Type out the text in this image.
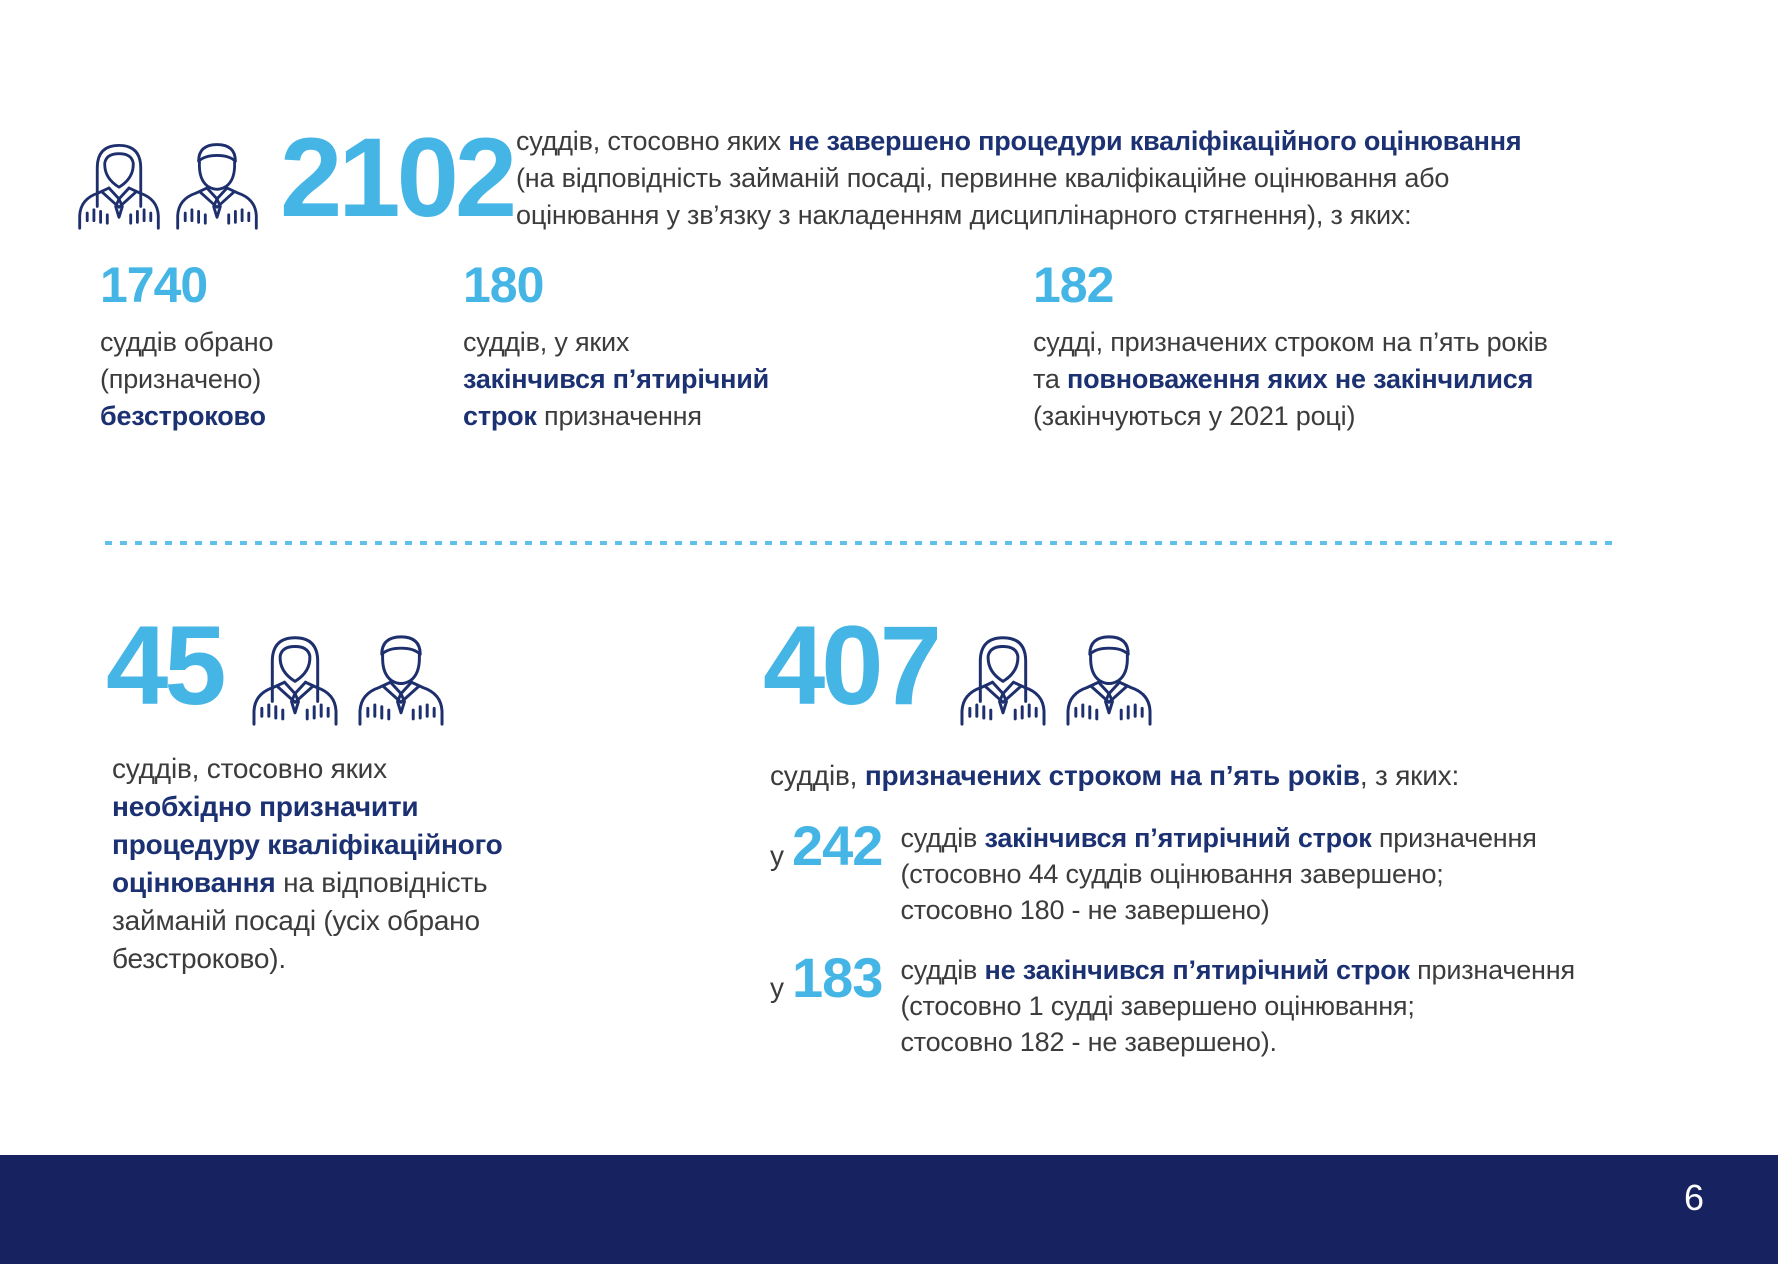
2102 суддів, стосовно яких не завершено процедури кваліфікаційного оцінювання

(на відповідність займаній посаді, первинне кваліфікаційне оцінювання або

оцінювання у зв’язку з накладенням дисциплінарного стягнення), з яких:

1740

суддів обрано

(призначено)

безстроково

180

суддів, у яких

закінчився п’ятирічний

строк призначення

182

судді, призначених строком на п’ять років

та повноваження яких не закінчилися

(закінчуються у 2021 році)

45

суддів, стосовно яких

необхідно призначити

процедуру кваліфікаційного

оцінювання на відповідність

займаній посаді (усіх обрано

безстроково).

407

суддів, призначених строком на п’ять років, з яких:

у 242 суддів закінчився п’ятирічний строк призначення

(стосовно 44 суддів оцінювання завершено;

стосовно 180 - не завершено)

у 183 суддів не закінчився п’ятирічний строк призначення

(стосовно 1 судді завершено оцінювання;

стосовно 182 - не завершено).

6
